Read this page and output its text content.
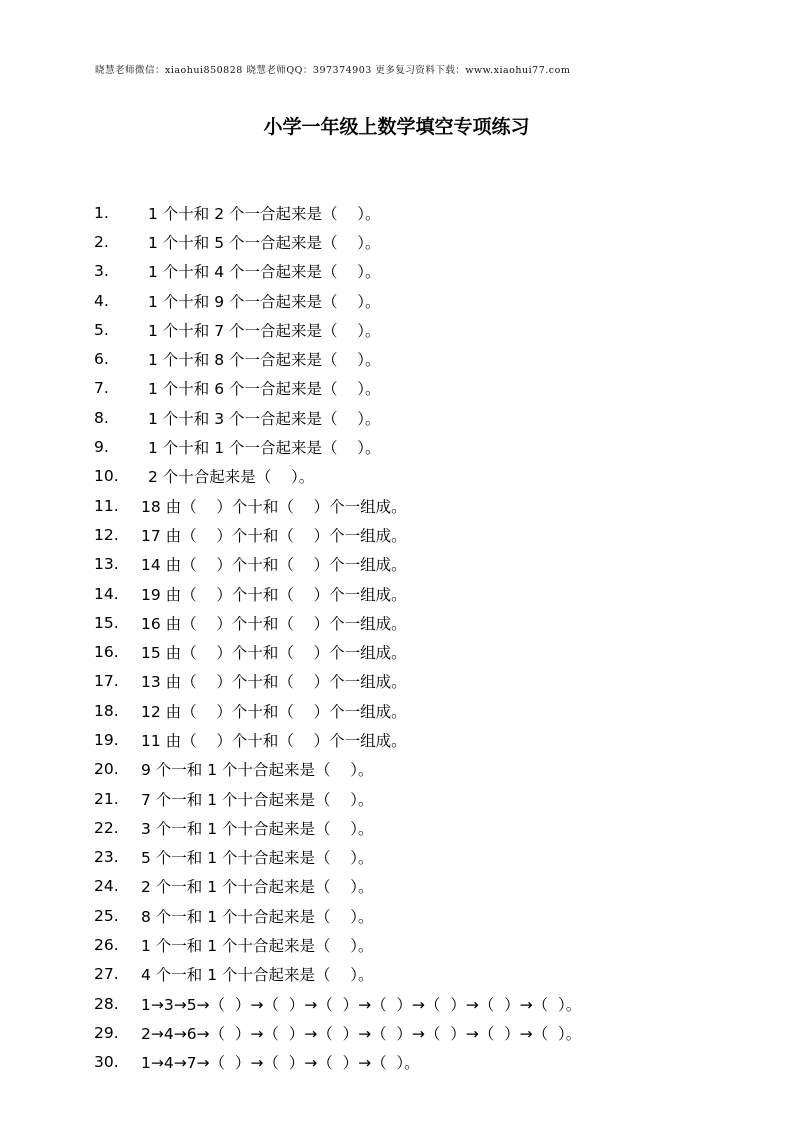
晓慧老师微信：xiaohui850828 晓慧老师QQ：397374903 更多复习资料下载：www.xiaohui77.com
小学一年级上数学填空专项练习
1.	1 个十和 2 个一合起来是（    ）。
2.	1 个十和 5 个一合起来是（    ）。
3.	1 个十和 4 个一合起来是（    ）。
4.	1 个十和 9 个一合起来是（    ）。
5.	1 个十和 7 个一合起来是（    ）。
6.	1 个十和 8 个一合起来是（    ）。
7.	1 个十和 6 个一合起来是（    ）。
8.	1 个十和 3 个一合起来是（    ）。
9.	1 个十和 1 个一合起来是（    ）。
10.	2 个十合起来是（    ）。
11.	18 由（    ）个十和（    ）个一组成。
12.	17 由（    ）个十和（    ）个一组成。
13.	14 由（    ）个十和（    ）个一组成。
14.	19 由（    ）个十和（    ）个一组成。
15.	16 由（    ）个十和（    ）个一组成。
16.	15 由（    ）个十和（    ）个一组成。
17.	13 由（    ）个十和（    ）个一组成。
18.	12 由（    ）个十和（    ）个一组成。
19.	11 由（    ）个十和（    ）个一组成。
20.	9 个一和 1 个十合起来是（    ）。
21.	7 个一和 1 个十合起来是（    ）。
22.	3 个一和 1 个十合起来是（    ）。
23.	5 个一和 1 个十合起来是（    ）。
24.	2 个一和 1 个十合起来是（    ）。
25.	8 个一和 1 个十合起来是（    ）。
26.	1 个一和 1 个十合起来是（    ）。
27.	4 个一和 1 个十合起来是（    ）。
28.	1→3→5→（  ）→（  ）→（  ）→（  ）→（  ）→（  ）→（  ）。
29.	2→4→6→（  ）→（  ）→（  ）→（  ）→（  ）→（  ）→（  ）。
30.	1→4→7→（  ）→（  ）→（  ）→（  ）。
